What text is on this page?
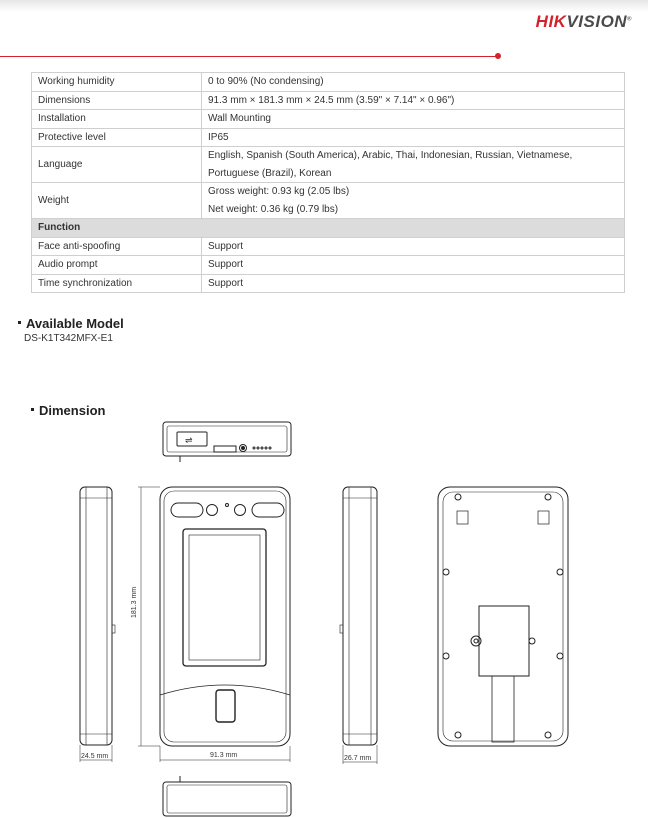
HIKVISION®
Working humidity	0 to 90% (No condensing)

Dimensions	91.3 mm × 181.3 mm × 24.5 mm (3.59" × 7.14" × 0.96")

Installation	Wall Mounting

Protective level	IP65

Language	English, Spanish (South America), Arabic, Thai, Indonesian, Russian, Vietnamese,
Portuguese (Brazil), Korean

Weight	Gross weight: 0.93 kg (2.05 lbs)
Net weight: 0.36 kg (0.79 lbs)

Function	
Face anti-spoofing	Support

Audio prompt	Support

Time synchronization	Support
Available Model
DS-K1T342MFX-E1
Dimension
⇌
24.5 mm	91.3 mm
181.3 mm
26.7 mm
